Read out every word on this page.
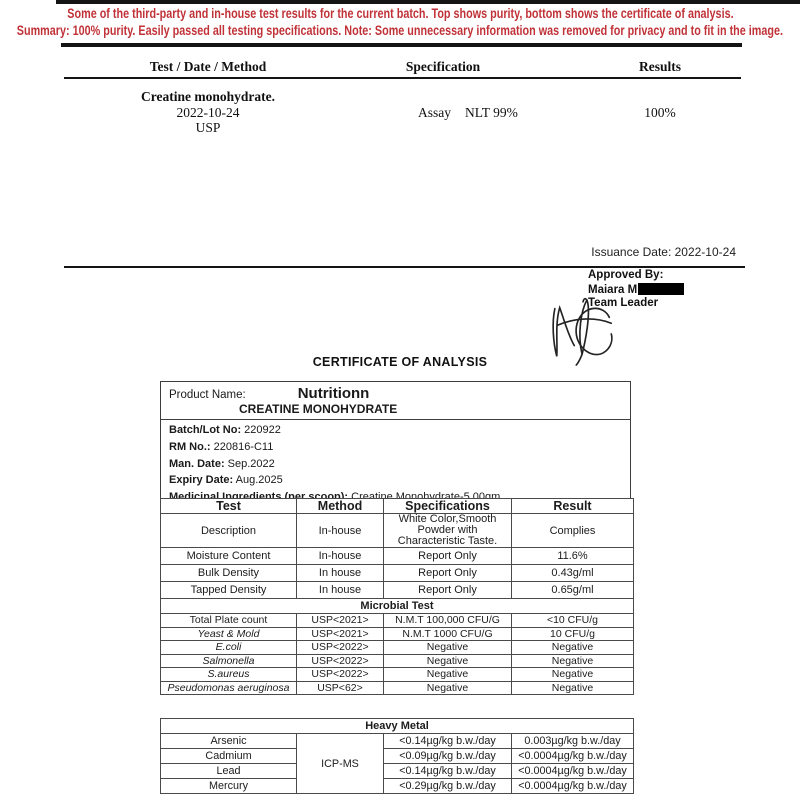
Some of the third-party and in-house test results for the current batch. Top shows purity, bottom shows the certificate of analysis.
Summary: 100% purity. Easily passed all testing specifications. Note: Some unnecessary information was removed for privacy and to fit in the image.
Test / Date / Method	Specification	Results
Creatine monohydrate.
2022-10-24
USP
Assay NLT 99%	100%
Issuance Date: 2022-10-24
Approved By:
Maiara M
Team Leader
CERTIFICATE OF ANALYSIS
Product Name:	Nutritionn
CREATINE MONOHYDRATE
Batch/Lot No: 220922
RM No.: 220816-C11
Man. Date: Sep.2022
Expiry Date: Aug.2025
Test	Method	Specifications	Result
Description	In-house	White Color,Smooth Powder with Characteristic Taste.	Complies
Moisture Content	In-house	Report Only	11.6%
Bulk Density	In house	Report Only	0.43g/ml
Tapped Density	In house	Report Only	0.65g/ml
Microbial Test			
Total Plate count	USP<2021>	N.M.T 100,000 CFU/G	<10 CFU/g
Yeast & Mold	USP<2021>	N.M.T 1000 CFU/G	10 CFU/g
E.coli	USP<2022>	Negative	Negative
Salmonella	USP<2022>	Negative	Negative
S.aureus	USP<2022>	Negative	Negative
Pseudomonas aeruginosa	USP<62>	Negative	Negative
Heavy Metal			
Arsenic	ICP-MS	<0.14µg/kg b.w./day	0.003µg/kg b.w./day
Cadmium		<0.09µg/kg b.w./day	<0.0004µg/kg b.w./day
Lead		<0.14µg/kg b.w./day	<0.0004µg/kg b.w./day
Mercury		<0.29µg/kg b.w./day	<0.0004µg/kg b.w./day
